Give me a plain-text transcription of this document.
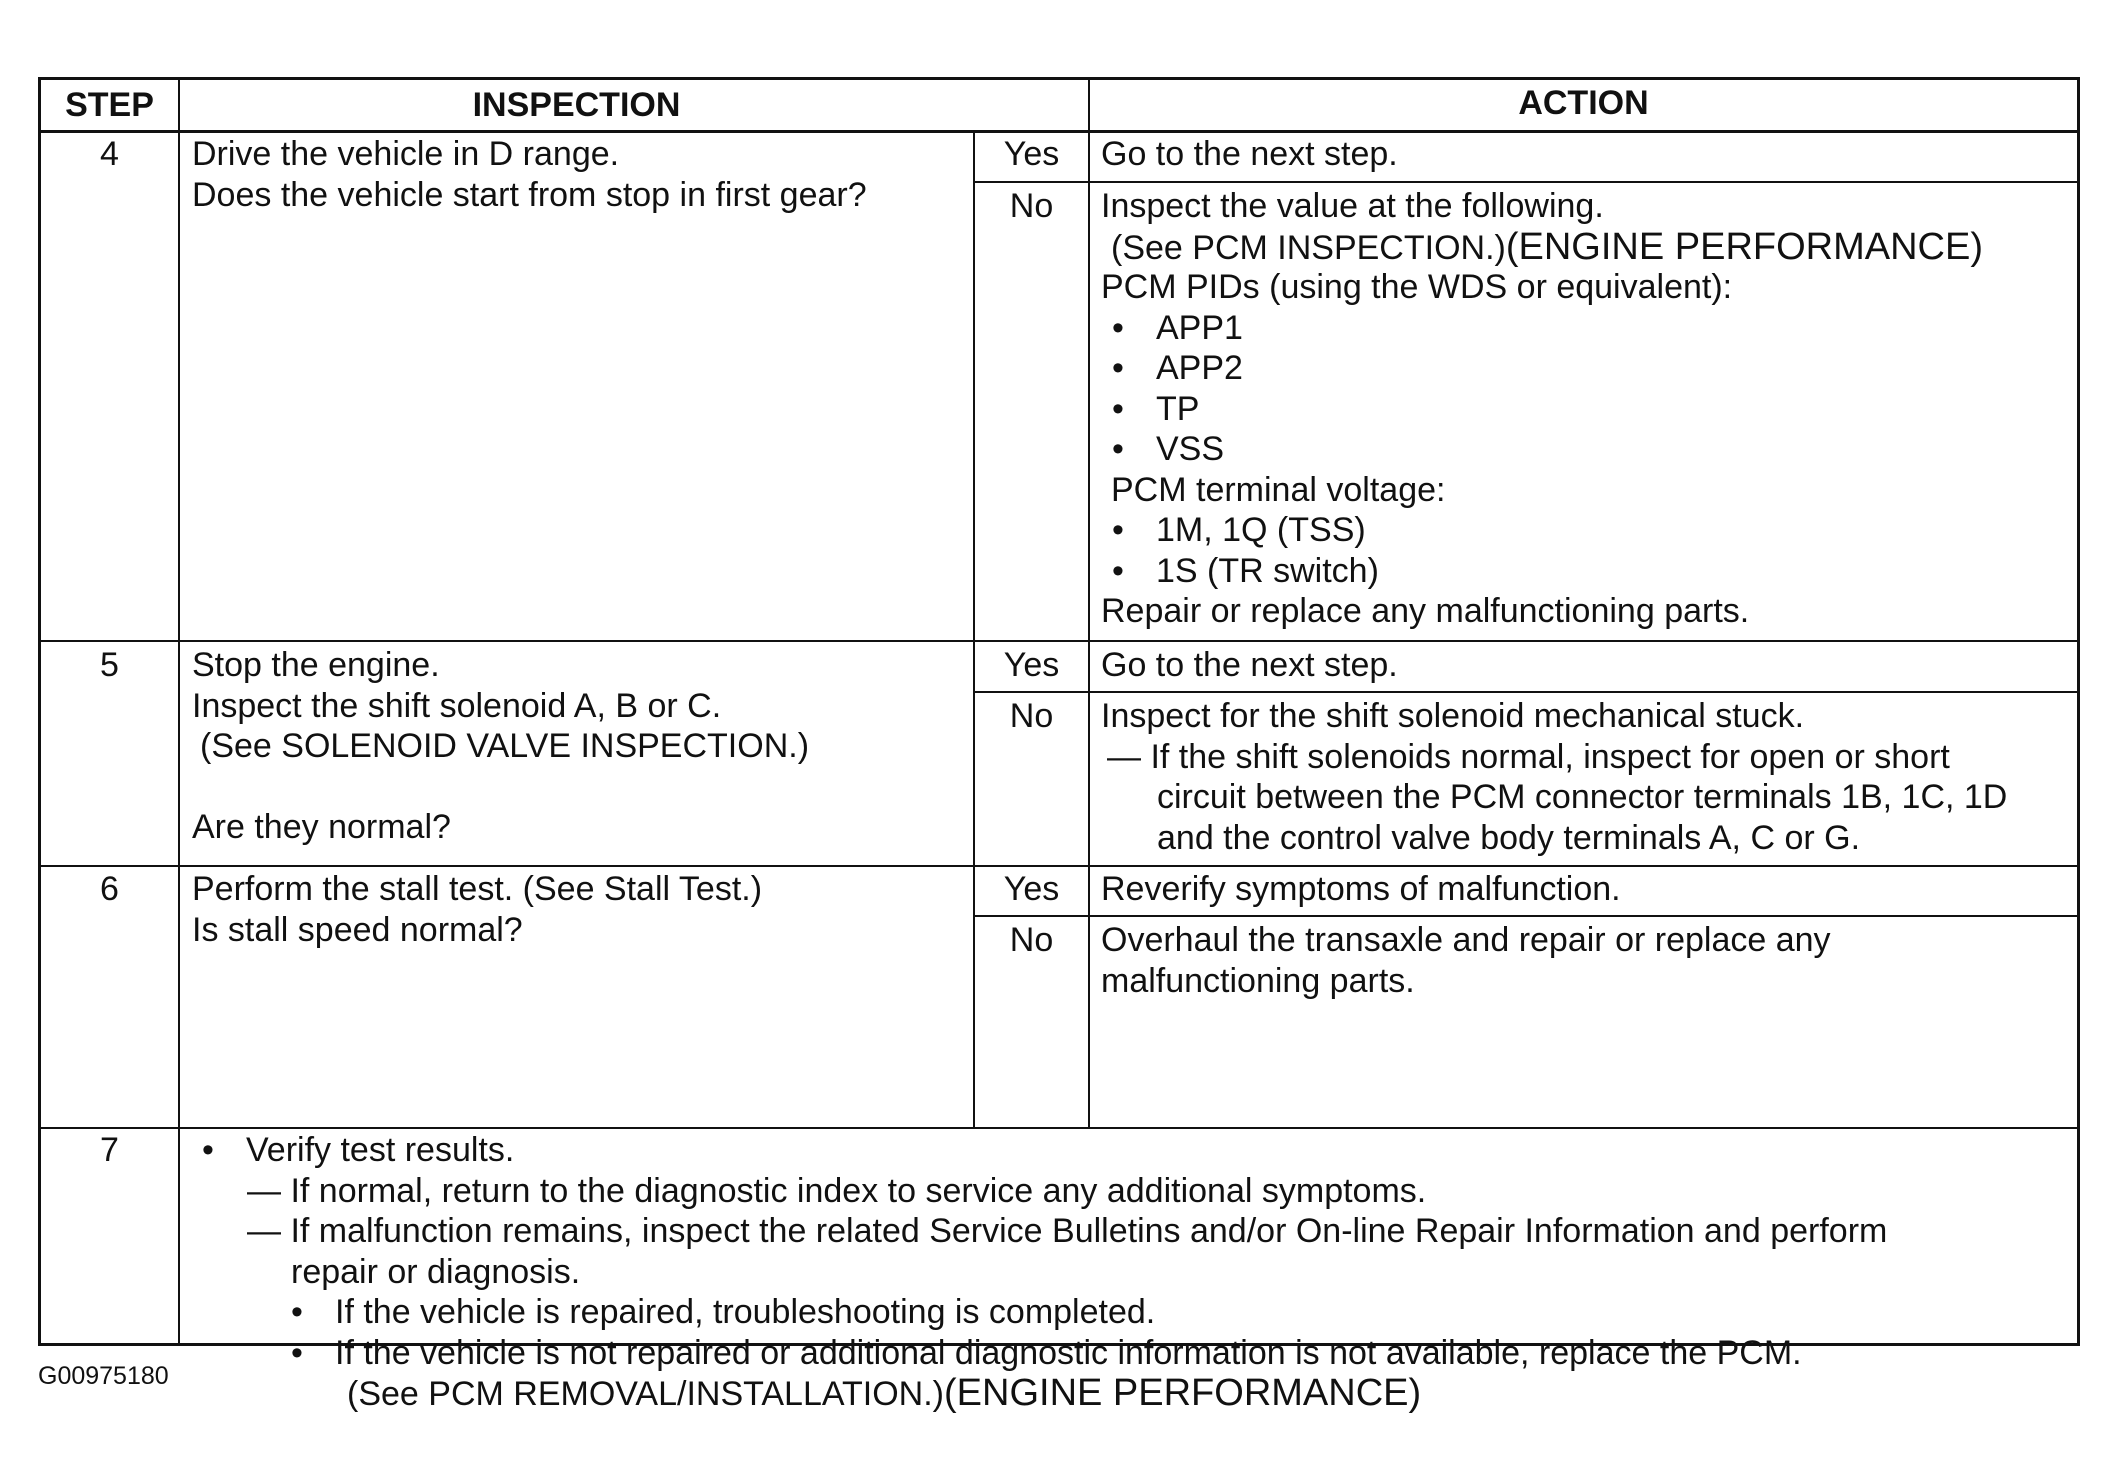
STEP	INSPECTION	ACTION
4	Drive the vehicle in D range.
Does the vehicle start from stop in first gear?
Yes	Go to the next step.
No	Inspect the value at the following.
(See PCM INSPECTION.)(ENGINE PERFORMANCE)
PCM PIDs (using the WDS or equivalent):
• APP1
• APP2
• TP
• VSS
PCM terminal voltage:
• 1M, 1Q (TSS)
• 1S (TR switch)
Repair or replace any malfunctioning parts.
5	Stop the engine.
Inspect the shift solenoid A, B or C.
(See SOLENOID VALVE INSPECTION.)
Are they normal?
Yes	Go to the next step.
No	Inspect for the shift solenoid mechanical stuck.
— If the shift solenoids normal, inspect for open or short
circuit between the PCM connector terminals 1B, 1C, 1D
and the control valve body terminals A, C or G.
6	Perform the stall test. (See Stall Test.)
Is stall speed normal?
Yes	Reverify symptoms of malfunction.
No	Overhaul the transaxle and repair or replace any
malfunctioning parts.
7
•	Verify test results.
— If normal, return to the diagnostic index to service any additional symptoms.
— If malfunction remains, inspect the related Service Bulletins and/or On-line Repair Information and perform
repair or diagnosis.
• If the vehicle is repaired, troubleshooting is completed.
• If the vehicle is not repaired or additional diagnostic information is not available, replace the PCM.
(See PCM REMOVAL/INSTALLATION.)(ENGINE PERFORMANCE)
G00975180
